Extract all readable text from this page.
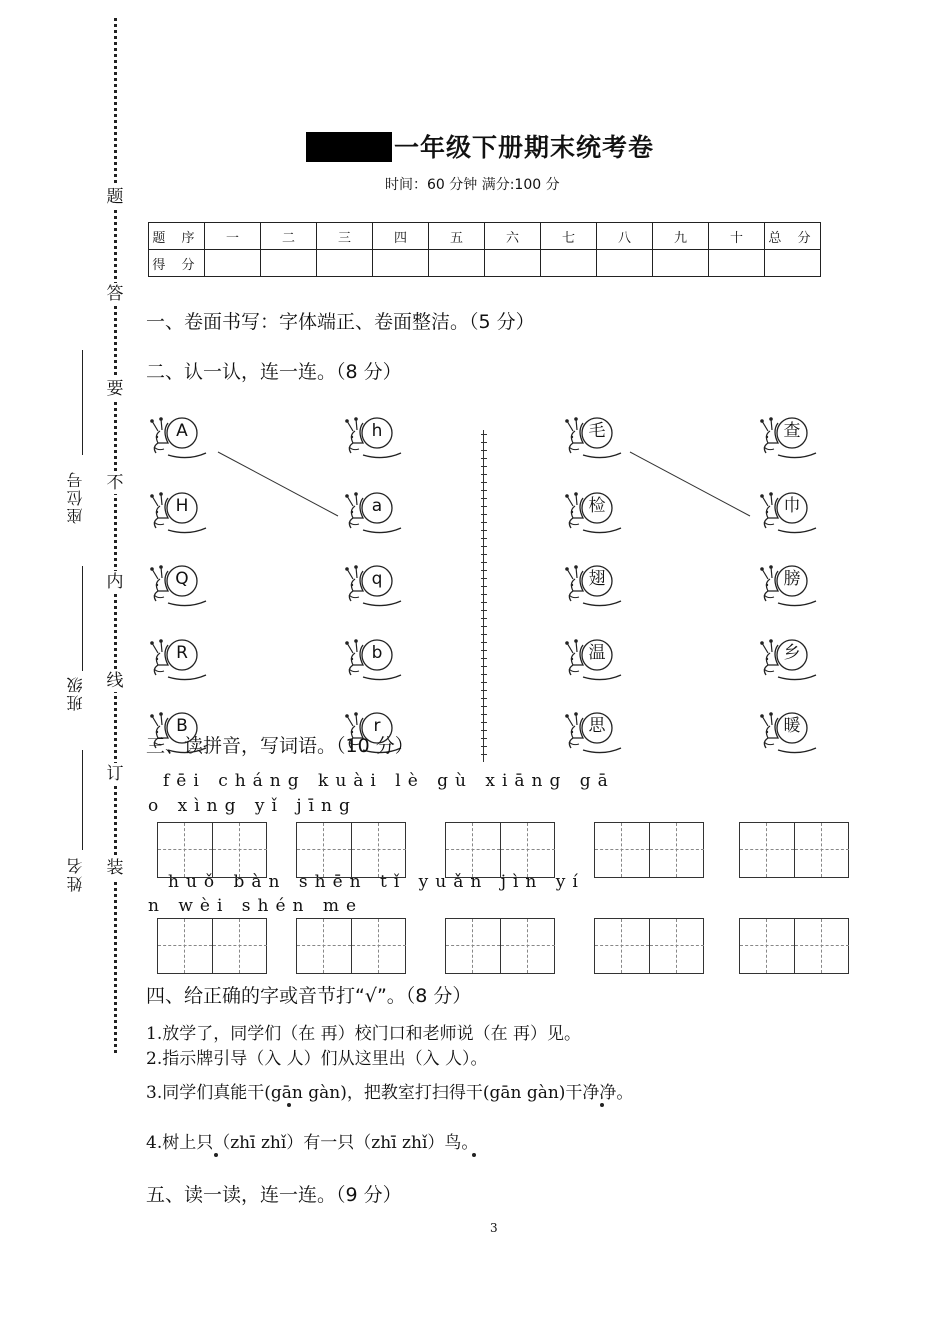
题
答
要
不
内
线
订
装
座位号
班级
姓名
一年级下册期末统考卷
时间：60 分钟 满分:100 分
题 序	一	二	三	四	五	六	七	八	九	十	总 分
得 分											
一、卷面书写：字体端正、卷面整洁。（5 分）
二、认一认，连一连。（8 分）
A
H
Q
R
B
h
a
q
b
r
毛
检
翅
温
思
查
巾
膀
乡
暖
三、读拼音，写词语。（10 分）
fēi cháng kuài lè gù xiāng gā
o xìng yǐ jīng
huǒ bàn shēn tǐ yuǎn jìn yí
n wèi shén me
四、给正确的字或音节打“√”。（8 分）
1.放学了，同学们（在 再）校门口和老师说（在 再）见。
2.指示牌引导（入 人）们从这里出（入 人）。
3.同学们真能干(gān gàn)，把教室打扫得干(gān gàn)干净净。
4.树上只（zhī zhǐ）有一只（zhī zhǐ）鸟。
五、读一读，连一连。（9 分）
3
